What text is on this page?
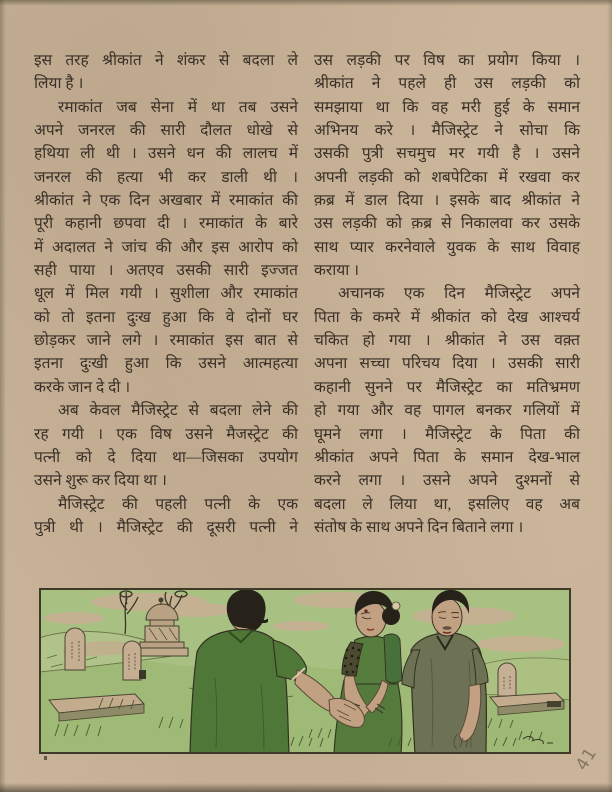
इस तरह श्रीकांत ने शंकर से बदला ले
लिया है ।
रमाकांत जब सेना में था तब उसने
अपने जनरल की सारी दौलत धोखे से
हथिया ली थी । उसने धन की लालच में
जनरल की हत्या भी कर डाली थी ।
श्रीकांत ने एक दिन अखबार में रमाकांत की
पूरी कहानी छपवा दी । रमाकांत के बारे
में अदालत ने जांच की और इस आरोप को
सही पाया । अतएव उसकी सारी इज्जत
धूल में मिल गयी । सुशीला और रमाकांत
को तो इतना दुःख हुआ कि वे दोनों घर
छोड़कर जाने लगे । रमाकांत इस बात से
इतना दुःखी हुआ कि उसने आत्महत्या
करके जान दे दी ।
अब केवल मैजिस्ट्रेट से बदला लेने की
रह गयी । एक विष उसने मैजस्ट्रेट की
पत्नी को दे दिया था—जिसका उपयोग
उसने शुरू कर दिया था ।
मैजिस्ट्रेट की पहली पत्नी के एक
पुत्री थी । मैजिस्ट्रेट की दूसरी पत्नी ने
उस लड़की पर विष का प्रयोग किया ।
श्रीकांत ने पहले ही उस लड़की को
समझाया था कि वह मरी हुई के समान
अभिनय करे । मैजिस्ट्रेट ने सोचा कि
उसकी पुत्री सचमुच मर गयी है । उसने
अपनी लड़की को शबपेटिका में रखवा कर
क़ब्र में डाल दिया । इसके बाद श्रीकांत ने
उस लड़की को क़ब्र से निकालवा कर उसके
साथ प्यार करनेवाले युवक के साथ विवाह
कराया ।
अचानक एक दिन मैजिस्ट्रेट अपने
पिता के कमरे में श्रीकांत को देख आश्चर्य
चकित हो गया । श्रीकांत ने उस वक़्त
अपना सच्चा परिचय दिया । उसकी सारी
कहानी सुनने पर मैजिस्ट्रेट का मतिभ्रमण
हो गया और वह पागल बनकर गलियों में
घूमने लगा । मैजिस्ट्रेट के पिता की
श्रीकांत अपने पिता के समान देख-भाल
करने लगा । उसने अपने दुश्मनों से
बदला ले लिया था, इसलिए वह अब
संतोष के साथ अपने दिन बिताने लगा ।
41
